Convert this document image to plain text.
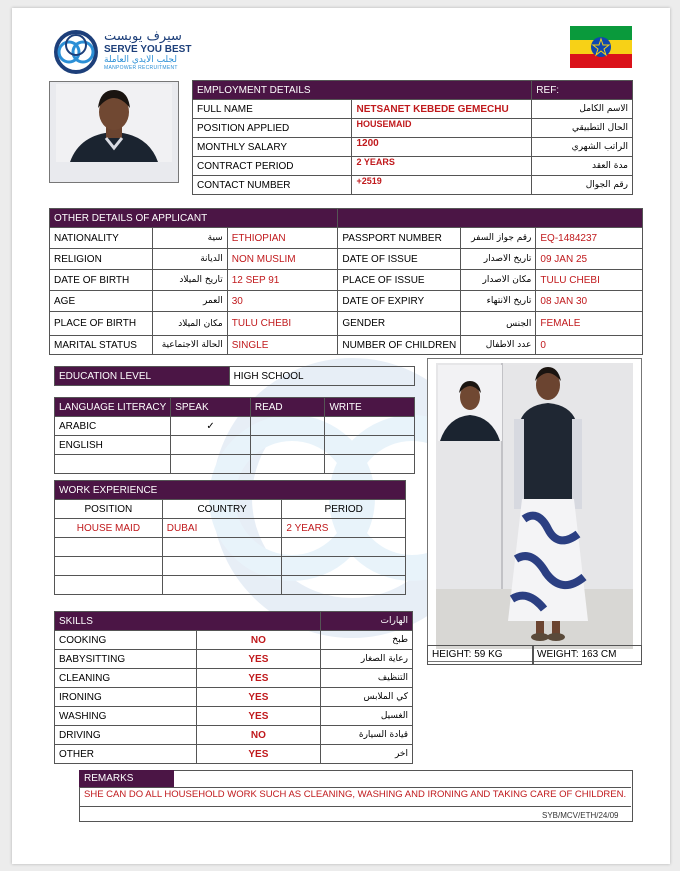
سيرف يوبست
SERVE YOU BEST
لجلب الايدي العاملة
MANPOWER RECRUITMENT
EMPLOYMENT DETAILS		REF:
FULL NAME	NETSANET KEBEDE GEMECHU	الاسم الكامل
POSITION APPLIED	HOUSEMAID	الحال التطبيقي
MONTHLY SALARY	1200	الراتب الشهري
CONTRACT PERIOD	2 YEARS	مدة العقد
CONTACT NUMBER	+2519	رقم الجوال
OTHER DETAILS OF APPLICANT					
NATIONALITY	سية	ETHIOPIAN	PASSPORT NUMBER	رقم جواز السفر	EQ-1484237
RELIGION	الديانة	NON MUSLIM	DATE OF ISSUE	تاريخ الاصدار	09 JAN 25
DATE OF BIRTH	تاريخ الميلاد	12 SEP 91	PLACE OF ISSUE	مكان الاصدار	TULU CHEBI
AGE	العمر	30	DATE OF EXPIRY	تاريخ الانتهاء	08 JAN 30
PLACE OF BIRTH	مكان الميلاد	TULU CHEBI	GENDER	الجنس	FEMALE
MARITAL STATUS	الحالة الاجتماعية	SINGLE	NUMBER OF CHILDREN	عدد الاطفال	0
EDUCATION LEVEL	HIGH SCHOOL
LANGUAGE LITERACY	SPEAK	READ	WRITE
ARABIC	✓		
ENGLISH			

WORK EXPERIENCE		
POSITION	COUNTRY	PERIOD
HOUSE MAID	DUBAI	2 YEARS

SKILLS		الهارات
COOKING	NO	طبخ
BABYSITTING	YES	رعاية الصغار
CLEANING	YES	التنظيف
IRONING	YES	كي الملابس
WASHING	YES	الغسيل
DRIVING	NO	قيادة السيارة
OTHER	YES	اخر
HEIGHT: 59 KG	WEIGHT: 163 CM
REMARKS
SHE CAN DO ALL HOUSEHOLD WORK SUCH AS CLEANING, WASHING AND IRONING AND TAKING CARE OF CHILDREN.
SYB/MCV/ETH/24/09
